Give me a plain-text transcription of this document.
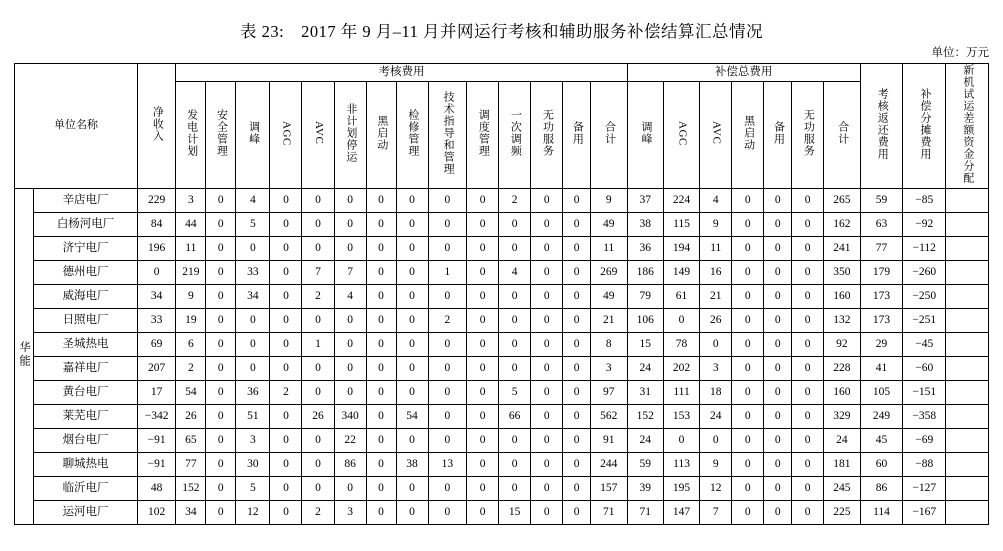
表 23:　2017 年 9 月–11 月并网运行考核和辅助服务补偿结算汇总情况
单位：万元
单位名称		净收入	考核费用														补偿总费用							考核返还费用	补偿分摊费用	新机试运差额资金分配
			发电计划	安全管理	调峰	AGC	AVC	非计划停运	黑启动	检修管理	技术指导和管理	调度管理	一次调频	无功服务	备用	合计	调峰	AGC	AVC	黑启动	备用	无功服务	合计			
华能	辛店电厂	229	3	0	4	0	0	0	0	0	0	0	2	0	0	9	37	224	4	0	0	0	265	59	−85	
	白杨河电厂	84	44	0	5	0	0	0	0	0	0	0	0	0	0	49	38	115	9	0	0	0	162	63	−92	
	济宁电厂	196	11	0	0	0	0	0	0	0	0	0	0	0	0	11	36	194	11	0	0	0	241	77	−112	
	德州电厂	0	219	0	33	0	7	7	0	0	1	0	4	0	0	269	186	149	16	0	0	0	350	179	−260	
	威海电厂	34	9	0	34	0	2	4	0	0	0	0	0	0	0	49	79	61	21	0	0	0	160	173	−250	
	日照电厂	33	19	0	0	0	0	0	0	0	2	0	0	0	0	21	106	0	26	0	0	0	132	173	−251	
	圣城热电	69	6	0	0	0	1	0	0	0	0	0	0	0	0	8	15	78	0	0	0	0	92	29	−45	
	嘉祥电厂	207	2	0	0	0	0	0	0	0	0	0	0	0	0	3	24	202	3	0	0	0	228	41	−60	
	黄台电厂	17	54	0	36	2	0	0	0	0	0	0	5	0	0	97	31	111	18	0	0	0	160	105	−151	
	莱芜电厂	−342	26	0	51	0	26	340	0	54	0	0	66	0	0	562	152	153	24	0	0	0	329	249	−358	
	烟台电厂	−91	65	0	3	0	0	22	0	0	0	0	0	0	0	91	24	0	0	0	0	0	24	45	−69	
	聊城热电	−91	77	0	30	0	0	86	0	38	13	0	0	0	0	244	59	113	9	0	0	0	181	60	−88	
	临沂电厂	48	152	0	5	0	0	0	0	0	0	0	0	0	0	157	39	195	12	0	0	0	245	86	−127	
	运河电厂	102	34	0	12	0	2	3	0	0	0	0	15	0	0	71	71	147	7	0	0	0	225	114	−167	
